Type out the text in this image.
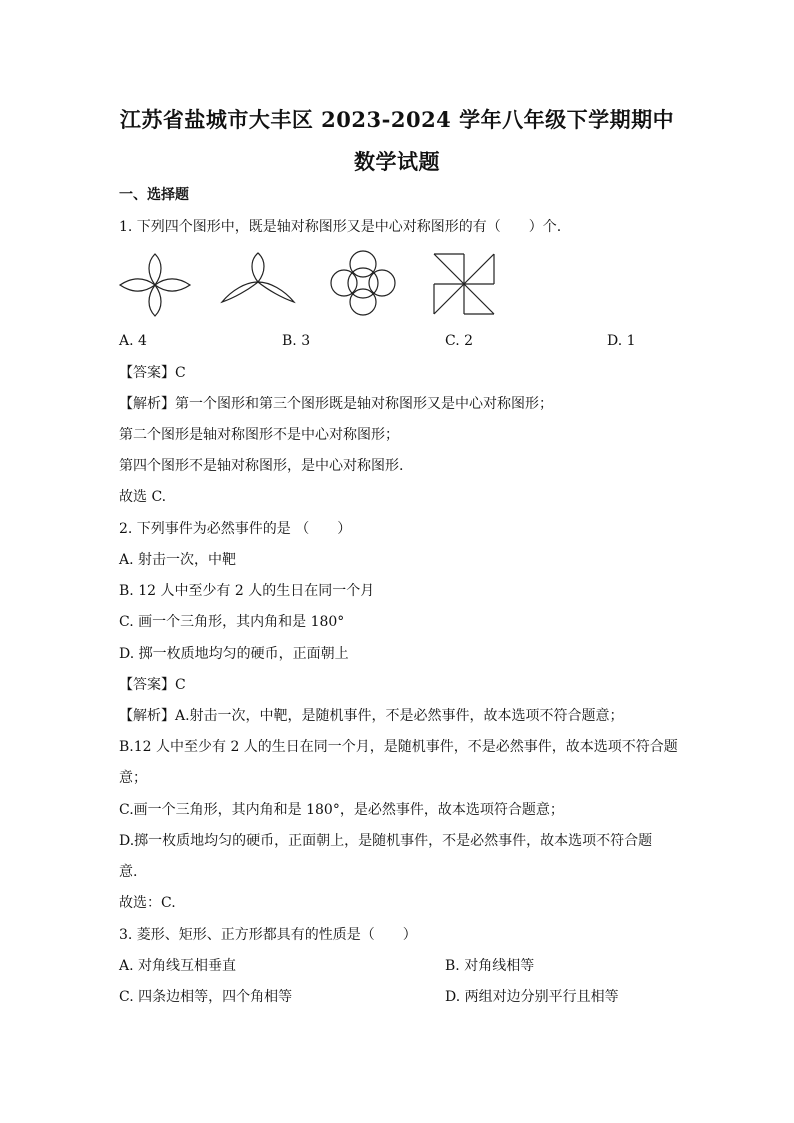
江苏省盐城市大丰区 2023-2024 学年八年级下学期期中
数学试题
一、选择题
1. 下列四个图形中，既是轴对称图形又是中心对称图形的有（　　）个.
A. 4	B. 3	C. 2	D. 1
【答案】C
【解析】第一个图形和第三个图形既是轴对称图形又是中心对称图形；
第二个图形是轴对称图形不是中心对称图形；
第四个图形不是轴对称图形，是中心对称图形.
故选 C.
2. 下列事件为必然事件的是 （　　）
A. 射击一次，中靶
B. 12 人中至少有 2 人的生日在同一个月
C. 画一个三角形，其内角和是 180°
D. 掷一枚质地均匀的硬币，正面朝上
【答案】C
【解析】A.射击一次，中靶，是随机事件，不是必然事件，故本选项不符合题意；
B.12 人中至少有 2 人的生日在同一个月，是随机事件，不是必然事件，故本选项不符合题
意；
C.画一个三角形，其内角和是 180°，是必然事件，故本选项符合题意；
D.掷一枚质地均匀的硬币，正面朝上，是随机事件，不是必然事件，故本选项不符合题
意.
故选：C.
3. 菱形、矩形、正方形都具有的性质是（　　）
A. 对角线互相垂直	B. 对角线相等
C. 四条边相等，四个角相等	D. 两组对边分别平行且相等
